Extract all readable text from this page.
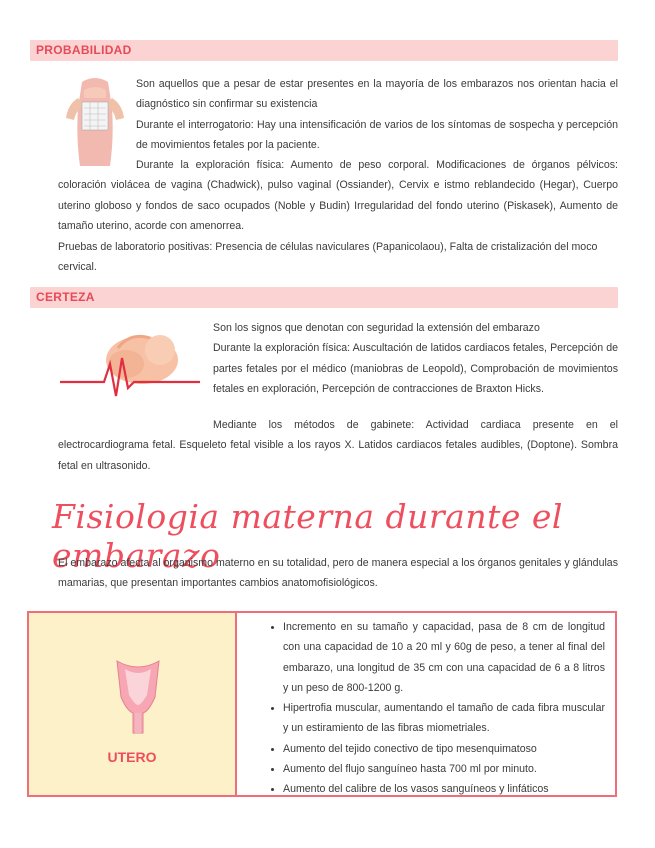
PROBABILIDAD

Son aquellos que a pesar de estar presentes en la mayoría de los embarazos nos orientan hacia el diagnóstico sin confirmar su existencia

Durante el interrogatorio: Hay una intensificación de varios de los síntomas de sospecha y percepción de movimientos fetales por la paciente.

Durante la exploración física: Aumento de peso corporal. Modificaciones de órganos pélvicos: coloración violácea de vagina (Chadwick), pulso vaginal (Ossiander), Cervix e istmo reblandecido (Hegar), Cuerpo uterino globoso y fondos de saco ocupados (Noble y Budin) Irregularidad del fondo uterino (Piskasek), Aumento de tamaño uterino, acorde con amenorrea.

Pruebas de laboratorio positivas: Presencia de células naviculares (Papanicolaou), Falta de cristalización del moco cervical.

CERTEZA

Son los signos que denotan con seguridad la extensión del embarazo

Durante la exploración física: Auscultación de latidos cardiacos fetales, Percepción de partes fetales por el médico (maniobras de Leopold), Comprobación de movimientos fetales en exploración, Percepción de contracciones de Braxton Hicks.

Mediante los métodos de gabinete: Actividad cardiaca presente en el electrocardiograma fetal. Esqueleto fetal visible a los rayos X. Latidos cardiacos fetales audibles, (Doptone). Sombra fetal en ultrasonido.

Fisiologia materna durante el embarazo

El embarazo afecta al organismo materno en su totalidad, pero de manera especial a los órganos genitales y glándulas mamarias, que presentan importantes cambios anatomofisiológicos.

UTERO
• Incremento en su tamaño y capacidad, pasa de 8 cm de longitud con una capacidad de 10 a 20 ml y 60g de peso, a tener al final del embarazo, una longitud de 35 cm con una capacidad de 6 a 8 litros y un peso de 800-1200 g.
• Hipertrofia muscular, aumentando el tamaño de cada fibra muscular y un estiramiento de las fibras miometriales.
• Aumento del tejido conectivo de tipo mesenquimatoso
• Aumento del flujo sanguíneo hasta 700 ml por minuto.
• Aumento del calibre de los vasos sanguíneos y linfáticos
